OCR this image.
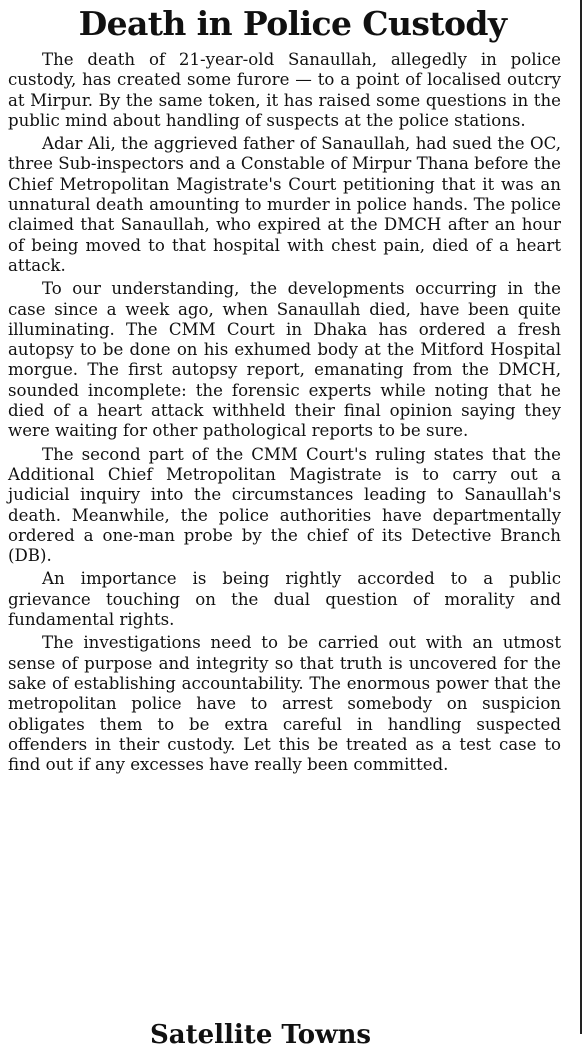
Death in Police Custody

The death of 21-year-old Sanaullah, allegedly in police custody, has created some furore — to a point of localised outcry at Mirpur. By the same token, it has raised some questions in the public mind about handling of suspects at the police stations.

Adar Ali, the aggrieved father of Sanaullah, had sued the OC, three Sub-inspectors and a Constable of Mirpur Thana before the Chief Metropolitan Magistrate's Court petitioning that it was an unnatural death amounting to murder in police hands. The police claimed that Sanaullah, who expired at the DMCH after an hour of being moved to that hospital with chest pain, died of a heart attack.

To our understanding, the developments occurring in the case since a week ago, when Sanaullah died, have been quite illuminating. The CMM Court in Dhaka has ordered a fresh autopsy to be done on his exhumed body at the Mitford Hospital morgue. The first autopsy report, emanating from the DMCH, sounded incomplete: the forensic experts while noting that he died of a heart attack withheld their final opinion saying they were waiting for other pathological reports to be sure.

The second part of the CMM Court's ruling states that the Additional Chief Metropolitan Magistrate is to carry out a judicial inquiry into the circumstances leading to Sanaullah's death. Meanwhile, the police authorities have departmentally ordered a one-man probe by the chief of its Detective Branch (DB).

An importance is being rightly accorded to a public grievance touching on the dual question of morality and fundamental rights.

The investigations need to be carried out with an utmost sense of purpose and integrity so that truth is uncovered for the sake of establishing accountability. The enormous power that the metropolitan police have to arrest somebody on suspicion obligates them to be extra careful in handling suspected offenders in their custody. Let this be treated as a test case to find out if any excesses have really been committed.

Satellite Towns
